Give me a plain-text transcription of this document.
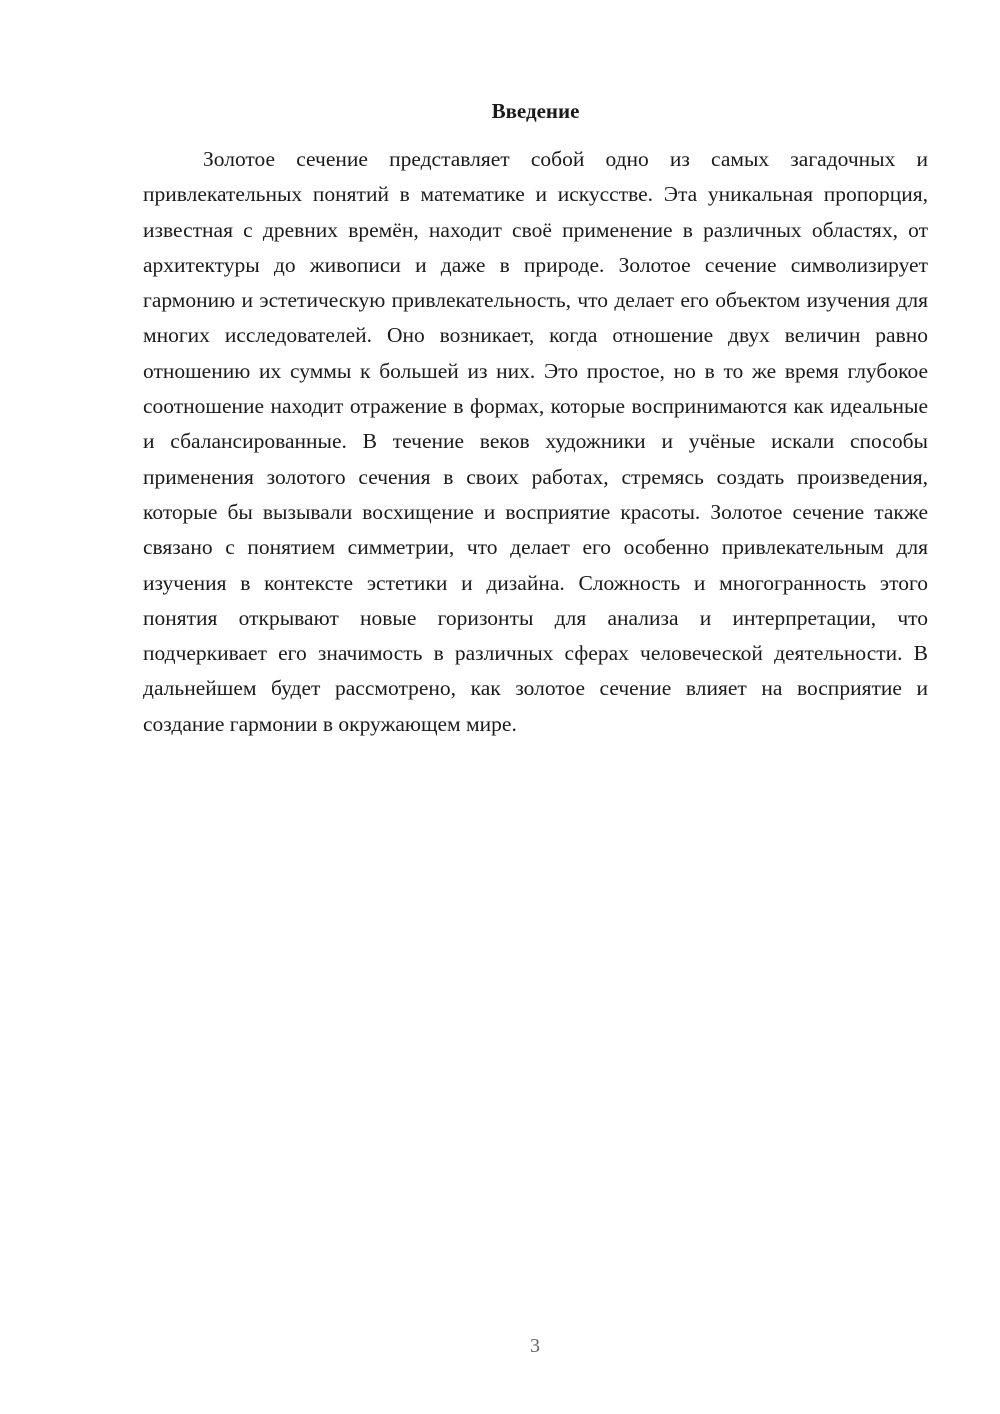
Введение

Золотое сечение представляет собой одно из самых загадочных и привлекательных понятий в математике и искусстве. Эта уникальная пропорция, известная с древних времён, находит своё применение в различных областях, от архитектуры до живописи и даже в природе. Золотое сечение символизирует гармонию и эстетическую привлекательность, что делает его объектом изучения для многих исследователей. Оно возникает, когда отношение двух величин равно отношению их суммы к большей из них. Это простое, но в то же время глубокое соотношение находит отражение в формах, которые воспринимаются как идеальные и сбалансированные. В течение веков художники и учёные искали способы применения золотого сечения в своих работах, стремясь создать произведения, которые бы вызывали восхищение и восприятие красоты. Золотое сечение также связано с понятием симметрии, что делает его особенно привлекательным для изучения в контексте эстетики и дизайна. Сложность и многогранность этого понятия открывают новые горизонты для анализа и интерпретации, что подчеркивает его значимость в различных сферах человеческой деятельности. В дальнейшем будет рассмотрено, как золотое сечение влияет на восприятие и создание гармонии в окружающем мире.

3
